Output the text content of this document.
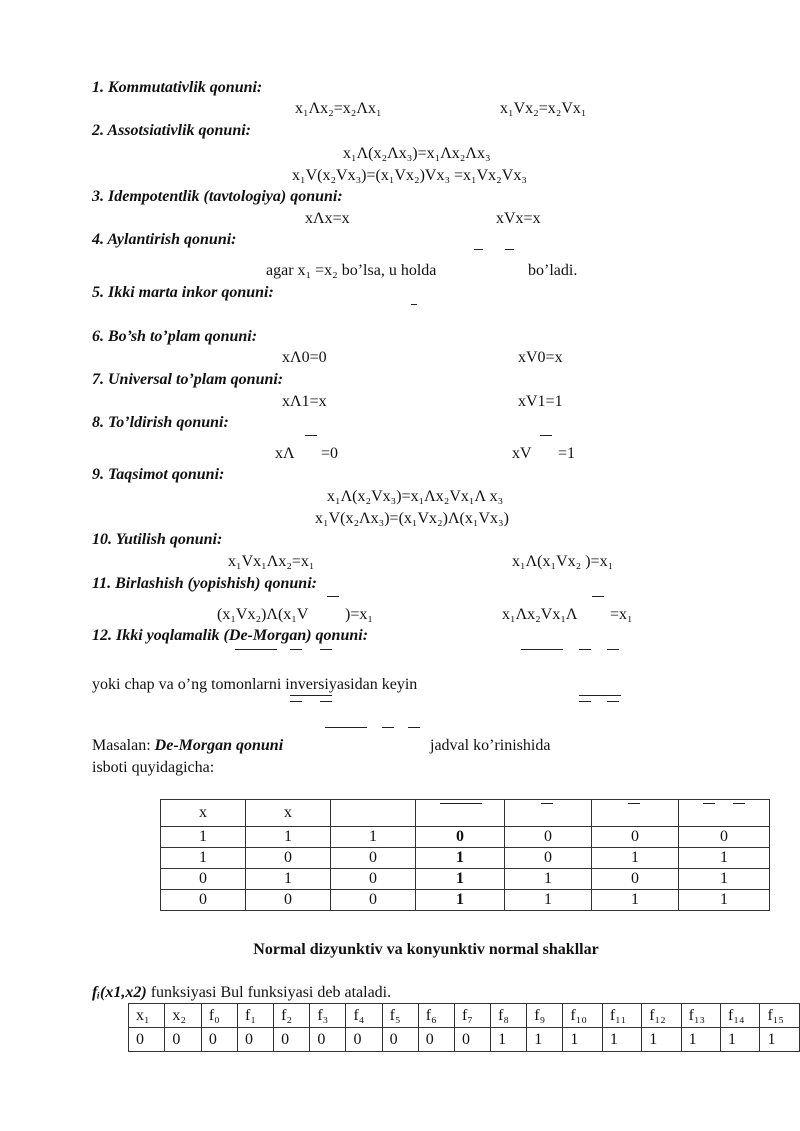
1. Kommutativlik qonuni:
x₁Λx₂=x₂Λx₁	x₁Vx₂=x₂Vx₁
2. Assotsiativlik qonuni:
x₁Λ(x₂Λx₃)=x₁Λx₂Λx₃
x₁V(x₂Vx₃)=(x₁Vx₂)Vx₃ =x₁Vx₂Vx₃
3. Idempotentlik (tavtologiya) qonuni:
xΛx=x	xVx=x
4. Aylantirish qonuni:
agar x₁ =x₂ bo’lsa, u holda	bo’ladi.
5. Ikki marta inkor qonuni:
6. Bo’sh to’plam qonuni:
xΛ0=0	xV0=x
7. Universal to’plam qonuni:
xΛ1=x	xV1=1
8. To’ldirish qonuni:
xΛ =0	xV =1
9. Taqsimot qonuni:
x₁Λ(x₂Vx₃)=x₁Λx₂Vx₁Λ x₃
x₁V(x₂Λx₃)=(x₁Vx₂)Λ(x₁Vx₃)
10. Yutilish qonuni:
x₁Vx₁Λx₂=x₁	x₁Λ(x₁Vx₂ )=x₁
11. Birlashish (yopishish) qonuni:
(x₁Vx₂)Λ(x₁V )=x₁	x₁Λx₂Vx₁Λ =x₁
12. Ikki yoqlamalik (De-Morgan) qonuni:
yoki chap va o’ng tomonlarni inversiyasidan keyin
Masalan: De-Morgan qonuni	jadval ko’rinishida
isboti quyidagicha:
x	x		

1	1	1	0	0	0	0
1	0	0	1	0	1	1
0	1	0	1	1	0	1
0	0	0	1	1	1	1
Normal dizyunktiv va konyunktiv normal shakllar
fᵢ(x1,x2) funksiyasi Bul funksiyasi deb ataladi.
x₁	x₂	f₀	f₁	f₂	f₃	f₄	f₅	f₆	f₇	f₈	f₉	f₁₀	f₁₁	f₁₂	f₁₃	f₁₄	f₁₅
0	0	0	0	0	0	0	0	0	0	1	1	1	1	1	1	1	1
